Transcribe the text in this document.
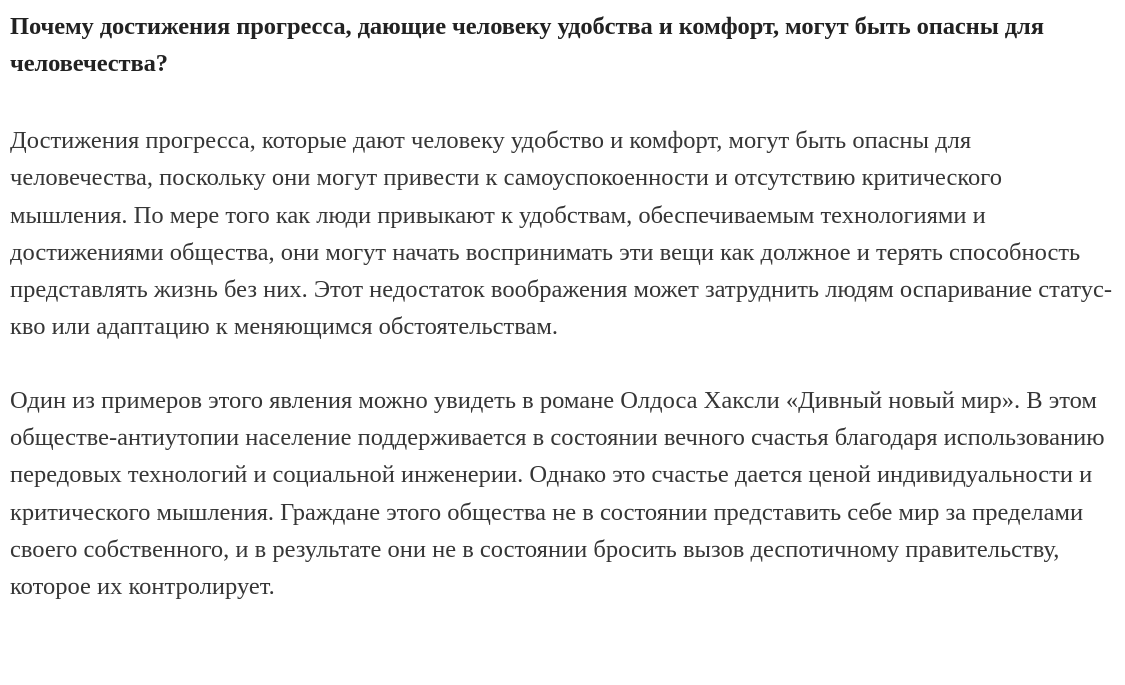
Почему достижения прогресса, дающие человеку удобства и комфорт, могут быть опасны для человечества?

Достижения прогресса, которые дают человеку удобство и комфорт, могут быть опасны для человечества, поскольку они могут привести к самоуспокоенности и отсутствию критического мышления. По мере того как люди привыкают к удобствам, обеспечиваемым технологиями и достижениями общества, они могут начать воспринимать эти вещи как должное и терять способность представлять жизнь без них. Этот недостаток воображения может затруднить людям оспаривание статус-кво или адаптацию к меняющимся обстоятельствам.

Один из примеров этого явления можно увидеть в романе Олдоса Хаксли «Дивный новый мир». В этом обществе-антиутопии население поддерживается в состоянии вечного счастья благодаря использованию передовых технологий и социальной инженерии. Однако это счастье дается ценой индивидуальности и критического мышления. Граждане этого общества не в состоянии представить себе мир за пределами своего собственного, и в результате они не в состоянии бросить вызов деспотичному правительству, которое их контролирует.
